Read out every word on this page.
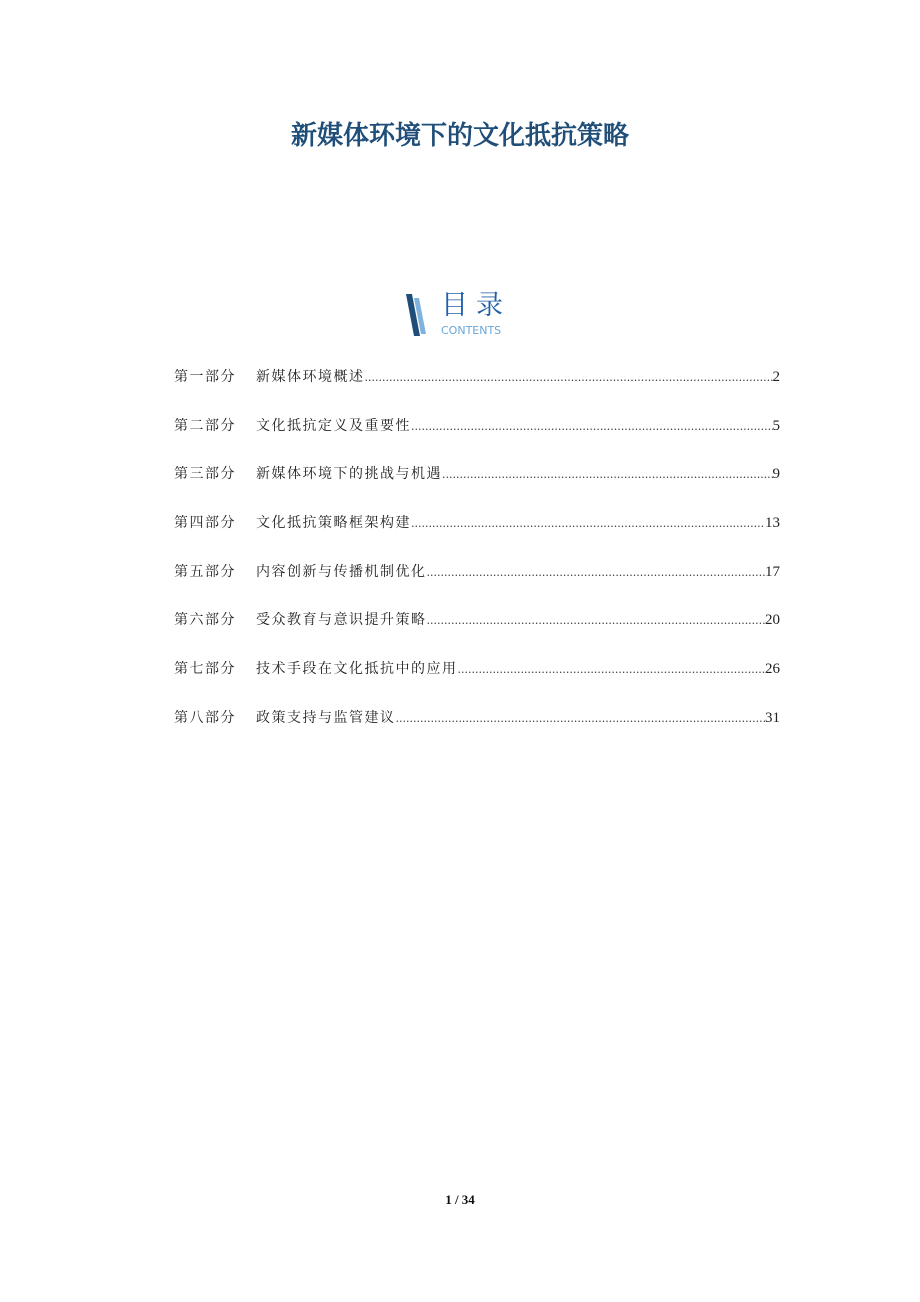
新媒体环境下的文化抵抗策略
目录
CONTENTS
第一部分	新媒体环境概述 .....	2
第二部分	文化抵抗定义及重要性 .....	5
第三部分	新媒体环境下的挑战与机遇 .....	9
第四部分	文化抵抗策略框架构建 .....	13
第五部分	内容创新与传播机制优化 .....	17
第六部分	受众教育与意识提升策略 .....	20
第七部分	技术手段在文化抵抗中的应用 .....	26
第八部分	政策支持与监管建议 .....	31
1 / 34
